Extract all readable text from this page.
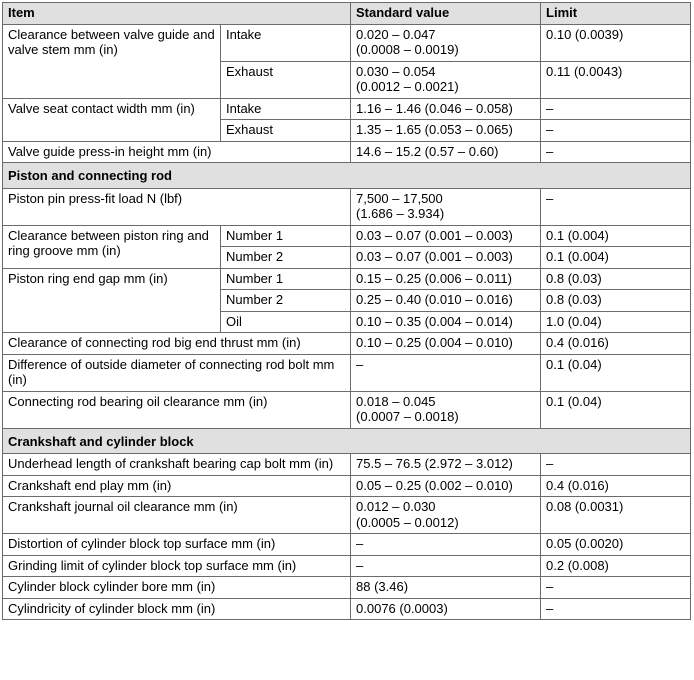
Item		Standard value	Limit
Clearance between valve guide and valve stem mm (in)	Intake	0.020 – 0.047
(0.0008 – 0.0019)	0.10 (0.0039)
	Exhaust	0.030 – 0.054
(0.0012 – 0.0021)	0.11 (0.0043)
Valve seat contact width mm (in)	Intake	1.16 – 1.46 (0.046 – 0.058)	–
	Exhaust	1.35 – 1.65 (0.053 – 0.065)	–
Valve guide press-in height mm (in)		14.6 – 15.2 (0.57 – 0.60)	–
Piston and connecting rod			
Piston pin press-fit load N (lbf)		7,500 – 17,500
(1.686 – 3.934)	–
Clearance between piston ring and ring groove mm (in)	Number 1	0.03 – 0.07 (0.001 – 0.003)	0.1 (0.004)
	Number 2	0.03 – 0.07 (0.001 – 0.003)	0.1 (0.004)
Piston ring end gap mm (in)	Number 1	0.15 – 0.25 (0.006 – 0.011)	0.8 (0.03)
	Number 2	0.25 – 0.40 (0.010 – 0.016)	0.8 (0.03)
	Oil	0.10 – 0.35 (0.004 – 0.014)	1.0 (0.04)
Clearance of connecting rod big end thrust mm (in)		0.10 – 0.25 (0.004 – 0.010)	0.4 (0.016)
Difference of outside diameter of connecting rod bolt mm (in)		–	0.1 (0.04)
Connecting rod bearing oil clearance mm (in)		0.018 – 0.045
(0.0007 – 0.0018)	0.1 (0.04)
Crankshaft and cylinder block			
Underhead length of crankshaft bearing cap bolt mm (in)		75.5 – 76.5 (2.972 – 3.012)	–
Crankshaft end play mm (in)		0.05 – 0.25 (0.002 – 0.010)	0.4 (0.016)
Crankshaft journal oil clearance mm (in)		0.012 – 0.030
(0.0005 – 0.0012)	0.08 (0.0031)
Distortion of cylinder block top surface mm (in)		–	0.05 (0.0020)
Grinding limit of cylinder block top surface mm (in)		–	0.2 (0.008)
Cylinder block cylinder bore mm (in)		88 (3.46)	–
Cylindricity of cylinder block mm (in)		0.0076 (0.0003)	–
